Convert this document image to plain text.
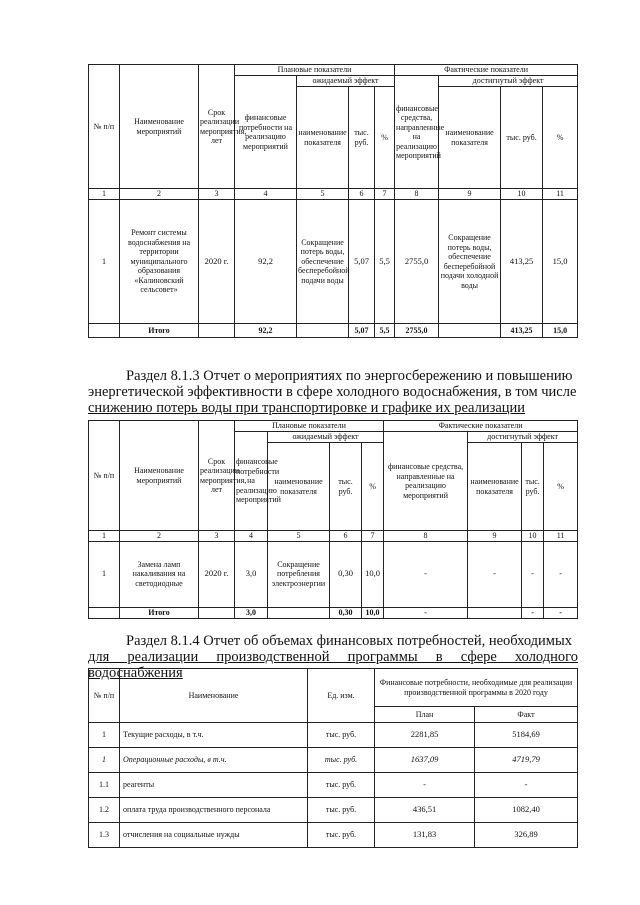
№ п/п	Наименование мероприятий	Срок реализации мероприятия, лет	Плановые показатели				Фактические показатели			
			финансовые потребности на реализацию мероприятий	ожидаемый эффект			финансовые средства, направленные на реализацию мероприятий	достигнутый эффект		
				наименование показателя	тыс. руб.	%		наименование показателя	тыс. руб.	%
1	2	3	4	5	6	7	8	9	10	11
1	Ремонт системы водоснабжения на территории муниципального образования «Калиновский сельсовет»	2020 г.	92,2	Сокращение потерь воды, обеспечение бесперебойной подачи воды	5,07	5,5	2755,0	Сокращение потерь воды, обеспечение бесперебойной подачи холодной воды	413,25	15,0
	Итого		92,2		5,07	5,5	2755,0		413,25	15,0

Раздел 8.1.3 Отчет о мероприятиях по энергосбережению и повышению
энергетической эффективности в сфере холодного водоснабжения, в том числе
снижению потерь воды при транспортировке и графике их реализации

№ п/п	Наименование мероприятий	Срок реализации мероприятия, лет	Плановые показатели				Фактические показатели			
			финансовые потребности на реализацию мероприятий	ожидаемый эффект			финансовые средства, направленные на реализацию мероприятий	достигнутый эффект		
				наименование показателя	тыс. руб.	%		наименование показателя	тыс. руб.	%
1	2	3	4	5	6	7	8	9	10	11
1	Замена ламп накаливания на светодиодные	2020 г.	3,0	Сокращение потребления электроэнергии	0,30	10,0	-	-	-	-
	Итого		3,0		0,30	10,0	-		-	-

Раздел 8.1.4 Отчет об объемах финансовых потребностей, необходимых
для реализации производственной программы в сфере холодного водоснабжения

№ п/п	Наименование	Ед. изм.	Финансовые потребности, необходимые для реализации производственной программы в 2020 году	
			План	Факт
1	Текущие расходы, в т.ч.	тыс. руб.	2281,85	5184,69
1	Операционные расходы, в т.ч.	тыс. руб.	1637,09	4719,79
1.1	реагенты	тыс. руб.	-	-
1.2	оплата труда производственного персонала	тыс. руб.	436,51	1082,40
1.3	отчисления на социальные нужды	тыс. руб.	131,83	326,89
